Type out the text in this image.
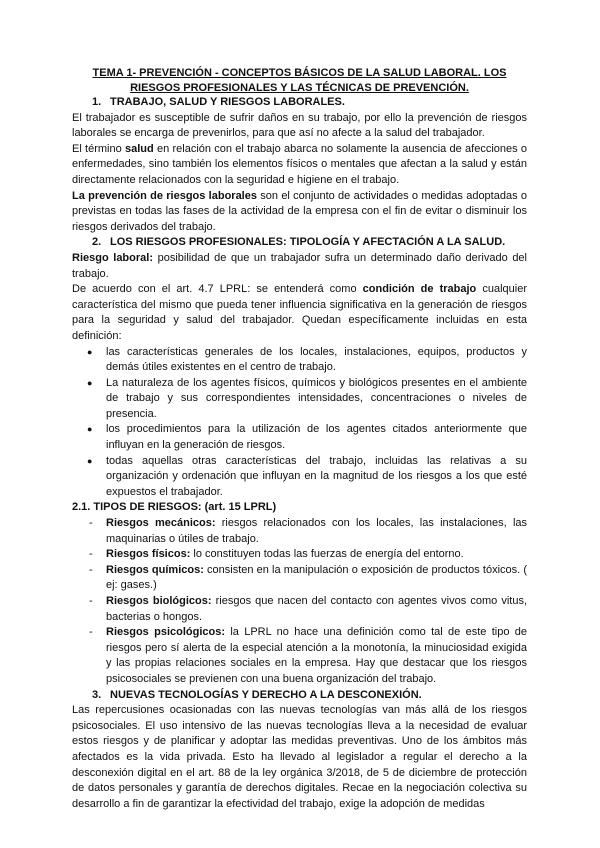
TEMA 1- PREVENCIÓN - CONCEPTOS BÁSICOS DE LA SALUD LABORAL. LOS RIESGOS PROFESIONALES Y LAS TÉCNICAS DE PREVENCIÓN.
1. TRABAJO, SALUD Y RIESGOS LABORALES.

El trabajador es susceptible de sufrir daños en su trabajo, por ello la prevención de riesgos laborales se encarga de prevenirlos, para que así no afecte a la salud del trabajador.

El término salud en relación con el trabajo abarca no solamente la ausencia de afecciones o enfermedades, sino también los elementos físicos o mentales que afectan a la salud y están directamente relacionados con la seguridad e higiene en el trabajo.

La prevención de riesgos laborales son el conjunto de actividades o medidas adoptadas o previstas en todas las fases de la actividad de la empresa con el fin de evitar o disminuir los riesgos derivados del trabajo.

2. LOS RIESGOS PROFESIONALES: TIPOLOGÍA Y AFECTACIÓN A LA SALUD.

Riesgo laboral: posibilidad de que un trabajador sufra un determinado daño derivado del trabajo.

De acuerdo con el art. 4.7 LPRL: se entenderá como condición de trabajo cualquier característica del mismo que pueda tener influencia significativa en la generación de riesgos para la seguridad y salud del trabajador. Quedan específicamente incluidas en esta definición:

● las características generales de los locales, instalaciones, equipos, productos y demás útiles existentes en el centro de trabajo.
● La naturaleza de los agentes físicos, químicos y biológicos presentes en el ambiente de trabajo y sus correspondientes intensidades, concentraciones o niveles de presencia.
● los procedimientos para la utilización de los agentes citados anteriormente que influyan en la generación de riesgos.
● todas aquellas otras características del trabajo, incluidas las relativas a su organización y ordenación que influyan en la magnitud de los riesgos a los que esté expuestos el trabajador.
2.1. TIPOS DE RIESGOS: (art. 15 LPRL)
- Riesgos mecánicos: riesgos relacionados con los locales, las instalaciones, las maquinarias o útiles de trabajo.
- Riesgos físicos: lo constituyen todas las fuerzas de energía del entorno.
- Riesgos químicos: consisten en la manipulación o exposición de productos tóxicos. ( ej: gases.)
- Riesgos biológicos: riesgos que nacen del contacto con agentes vivos como vitus, bacterias o hongos.
- Riesgos psicológicos: la LPRL no hace una definición como tal de este tipo de riesgos pero sí alerta de la especial atención a la monotonía, la minuciosidad exigida y las propias relaciones sociales en la empresa. Hay que destacar que los riesgos psicosociales se previenen con una buena organización del trabajo.
3. NUEVAS TECNOLOGÍAS Y DERECHO A LA DESCONEXIÓN.

Las repercusiones ocasionadas con las nuevas tecnologías van más allá de los riesgos psicosociales. El uso intensivo de las nuevas tecnologías lleva a la necesidad de evaluar estos riesgos y de planificar y adoptar las medidas preventivas. Uno de los ámbitos más afectados es la vida privada. Esto ha llevado al legislador a regular el derecho a la desconexión digital en el art. 88 de la ley orgánica 3/2018, de 5 de diciembre de protección de datos personales y garantía de derechos digitales. Recae en la negociación colectiva su desarrollo a fin de garantizar la efectividad del trabajo, exige la adopción de medidas
